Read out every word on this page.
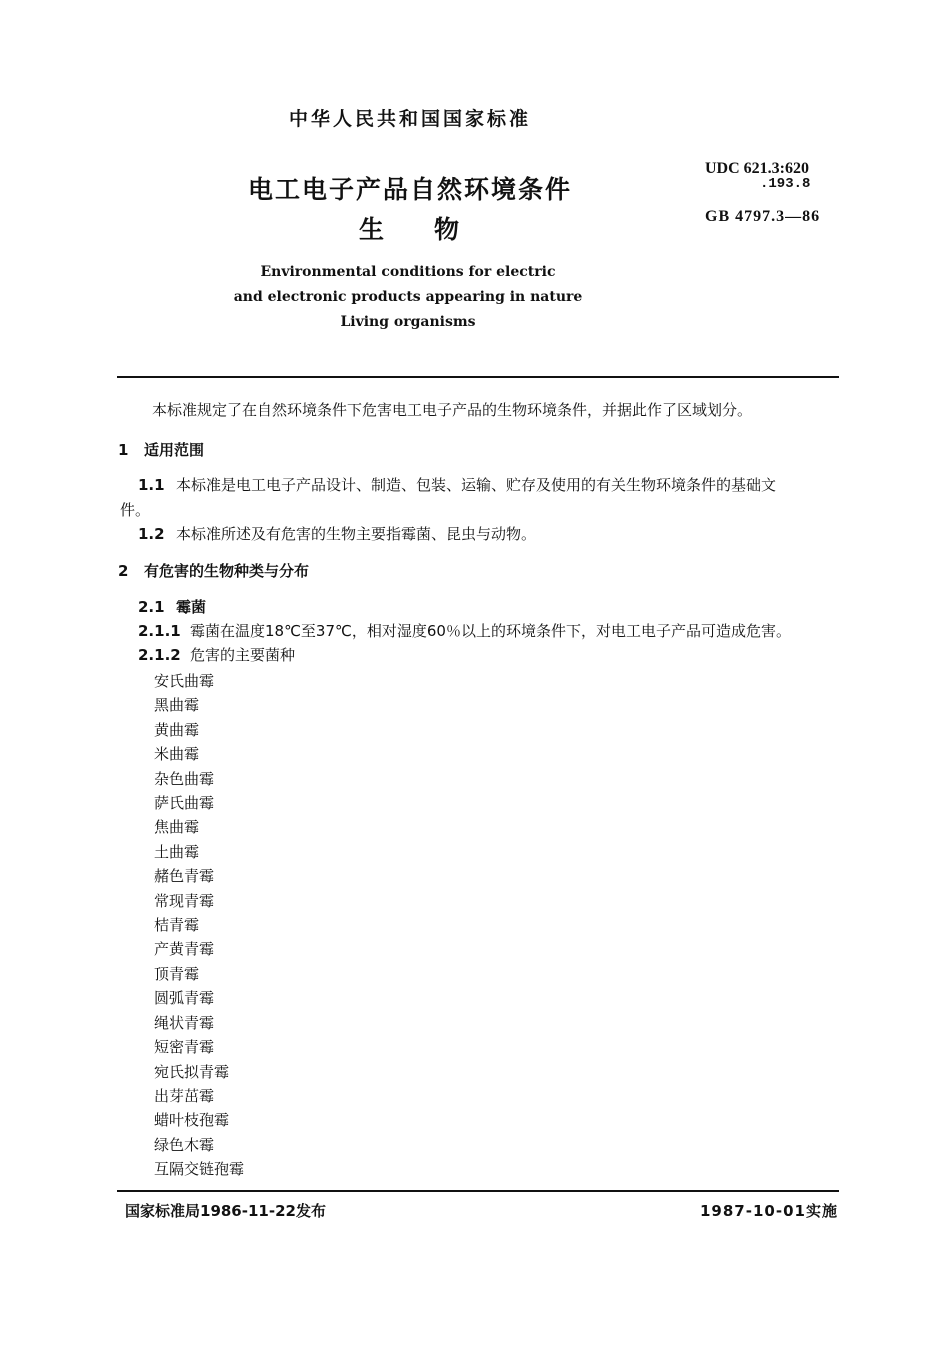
中华人民共和国国家标准
电工电子产品自然环境条件
生 物
UDC 621.3:620
.193.8
GB 4797.3—86
Environmental conditions for electric
and electronic products appearing in nature
Living organisms
本标准规定了在自然环境条件下危害电工电子产品的生物环境条件，并据此作了区域划分。
1 适用范围
1.1 本标准是电工电子产品设计、制造、包装、运输、贮存及使用的有关生物环境条件的基础文
件。
1.2 本标准所述及有危害的生物主要指霉菌、昆虫与动物。
2 有危害的生物种类与分布
2.1 霉菌
2.1.1 霉菌在温度18℃至37℃，相对湿度60％以上的环境条件下，对电工电子产品可造成危害。
2.1.2 危害的主要菌种
安氏曲霉
黑曲霉
黄曲霉
米曲霉
杂色曲霉
萨氏曲霉
焦曲霉
土曲霉
赭色青霉
常现青霉
桔青霉
产黄青霉
顶青霉
圆弧青霉
绳状青霉
短密青霉
宛氏拟青霉
出芽茁霉
蜡叶枝孢霉
绿色木霉
互隔交链孢霉
国家标准局1986-11-22发布	1987-10-01实施
